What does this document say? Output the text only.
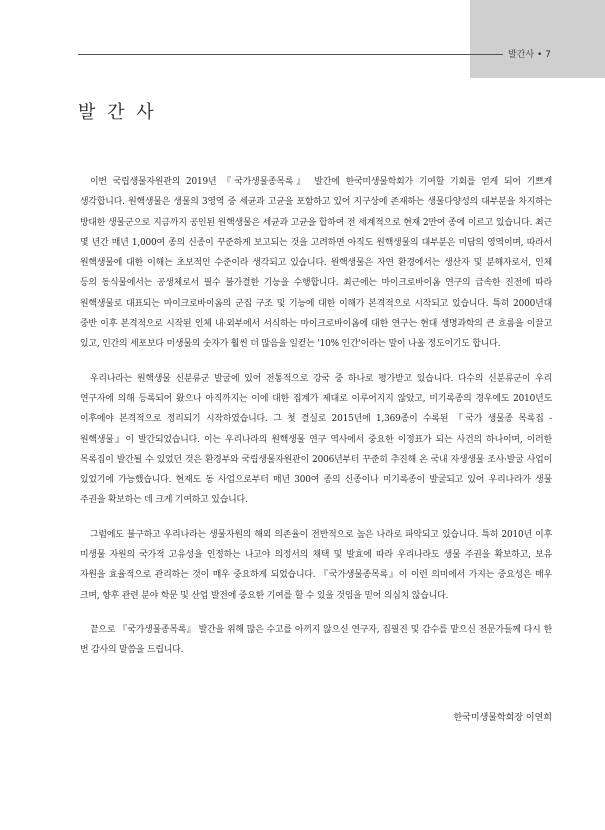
발간사 • 7
발 간 사

이번 국립생물자원관의 2019년 『국가생물종목록』 발간에 한국미생물학회가 기여할 기회를 얻게 되어 기쁘게 생각합니다. 원핵생물은 생물의 3영역 중 세균과 고균을 포함하고 있어 지구상에 존재하는 생물다양성의 대부분을 차지하는 방대한 생물군으로 지금까지 공인된 원핵생물은 세균과 고균을 합하여 전 세계적으로 현재 2만여 종에 이르고 있습니다. 최근 몇 년간 매년 1,000여 종의 신종이 꾸준하게 보고되는 것을 고려하면 아직도 원핵생물의 대부분은 미답의 영역이며, 따라서 원핵생물에 대한 이해는 초보적인 수준이라 생각되고 있습니다. 원핵생물은 자연 환경에서는 생산자 및 분해자로서, 인체 등의 동식물에서는 공생체로서 필수 불가결한 기능을 수행합니다. 최근에는 마이크로바이옴 연구의 급속한 진전에 따라 원핵생물로 대표되는 마이크로바이옴의 군집 구조 및 기능에 대한 이해가 본격적으로 시작되고 있습니다. 특히 2000년대 중반 이후 본격적으로 시작된 인체 내·외부에서 서식하는 마이크로바이옴에 대한 연구는 현대 생명과학의 큰 흐름을 이끌고 있고, 인간의 세포보다 미생물의 숫자가 훨씬 더 많음을 일컫는 '10% 인간'이라는 말이 나올 정도이기도 합니다.

우리나라는 원핵생물 신분류군 발굴에 있어 전통적으로 강국 중 하나로 평가받고 있습니다. 다수의 신분류군이 우리 연구자에 의해 등록되어 왔으나 아직까지는 이에 대한 집계가 제대로 이루어지지 않았고, 미기록종의 경우에도 2010년도 이후에야 본격적으로 정리되기 시작하였습니다. 그 첫 결실로 2015년에 1,369종이 수록된 『국가 생물종 목록집 - 원핵생물』이 발간되었습니다. 이는 우리나라의 원핵생물 연구 역사에서 중요한 이정표가 되는 사건의 하나이며, 이러한 목록집이 발간될 수 있었던 것은 환경부와 국립생물자원관이 2006년부터 꾸준히 추진해 온 국내 자생생물 조사·발굴 사업이 있었기에 가능했습니다. 현재도 동 사업으로부터 매년 300여 종의 신종이나 미기록종이 발굴되고 있어 우리나라가 생물 주권을 확보하는 데 크게 기여하고 있습니다.

그럼에도 불구하고 우리나라는 생물자원의 해외 의존율이 전반적으로 높은 나라로 파악되고 있습니다. 특히 2010년 이후 미생물 자원의 국가적 고유성을 인정하는 나고야 의정서의 채택 및 발효에 따라 우리나라도 생물 주권을 확보하고, 보유 자원을 효율적으로 관리하는 것이 매우 중요하게 되었습니다. 『국가생물종목록』이 이런 의미에서 가지는 중요성은 매우 크며, 향후 관련 분야 학문 및 산업 발전에 중요한 기여를 할 수 있을 것임을 믿어 의심치 않습니다.

끝으로 『국가생물종목록』 발간을 위해 많은 수고를 아끼지 않으신 연구자, 집필진 및 감수를 맡으신 전문가들께 다시 한 번 감사의 말씀을 드립니다.

한국미생물학회장 이연희
